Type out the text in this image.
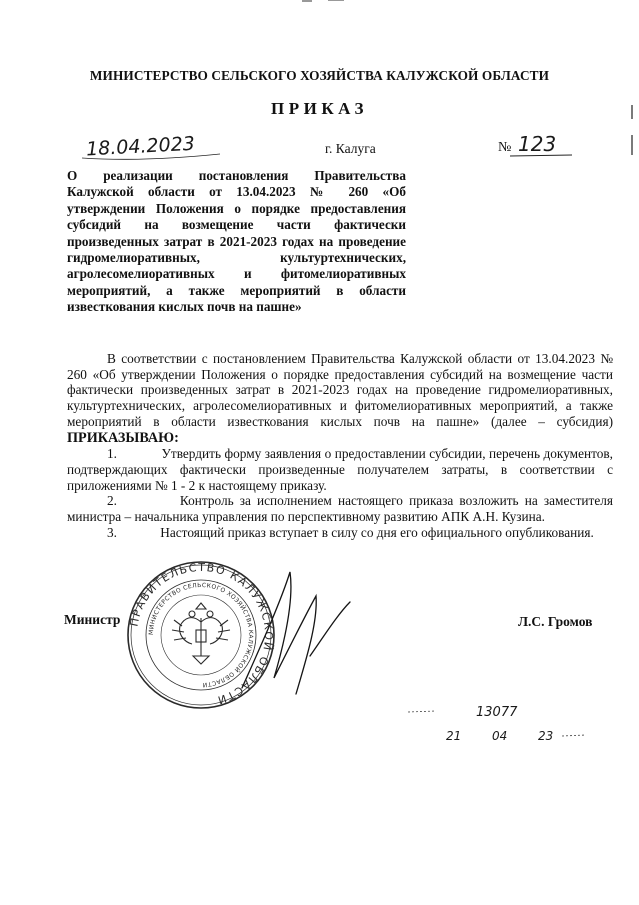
МИНИСТЕРСТВО СЕЛЬСКОГО ХОЗЯЙСТВА КАЛУЖСКОЙ ОБЛАСТИ
ПРИКАЗ
18.04.2023	г. Калуга	№ 123
О реализации постановления Правительства Калужской области от 13.04.2023 № 260 «Об утверждении Положения о порядке предоставления субсидий на возмещение части фактически произведенных затрат в 2021-2023 годах на проведение гидромелиоративных, культуртехнических, агролесомелиоративных и фитомелиоративных мероприятий, а также мероприятий в области известкования кислых почв на пашне»

В соответствии с постановлением Правительства Калужской области от 13.04.2023 № 260 «Об утверждении Положения о порядке предоставления субсидий на возмещение части фактически произведенных затрат в 2021-2023 годах на проведение гидромелиоративных, культуртехнических, агролесомелиоративных и фитомелиоративных мероприятий, а также мероприятий в области известкования кислых почв на пашне» (далее – субсидия) ПРИКАЗЫВАЮ:

1.	Утвердить форму заявления о предоставлении субсидии, перечень документов, подтверждающих фактически произведенные получателем затраты, в соответствии с приложениями № 1 - 2 к настоящему приказу.

2.	Контроль за исполнением настоящего приказа возложить на заместителя министра – начальника управления по перспективному развитию АПК А.Н. Кузина.

3.	Настоящий приказ вступает в силу со дня его официального опубликования.

ПРАВИТЕЛЬСТВО КАЛУЖСКОЙ ОБЛАСТИ
МИНИСТЕРСТВО СЕЛЬСКОГО ХОЗЯЙСТВА КАЛУЖСКОЙ ОБЛАСТИ
Министр	Л.С. Громов
13077
21	04	23
